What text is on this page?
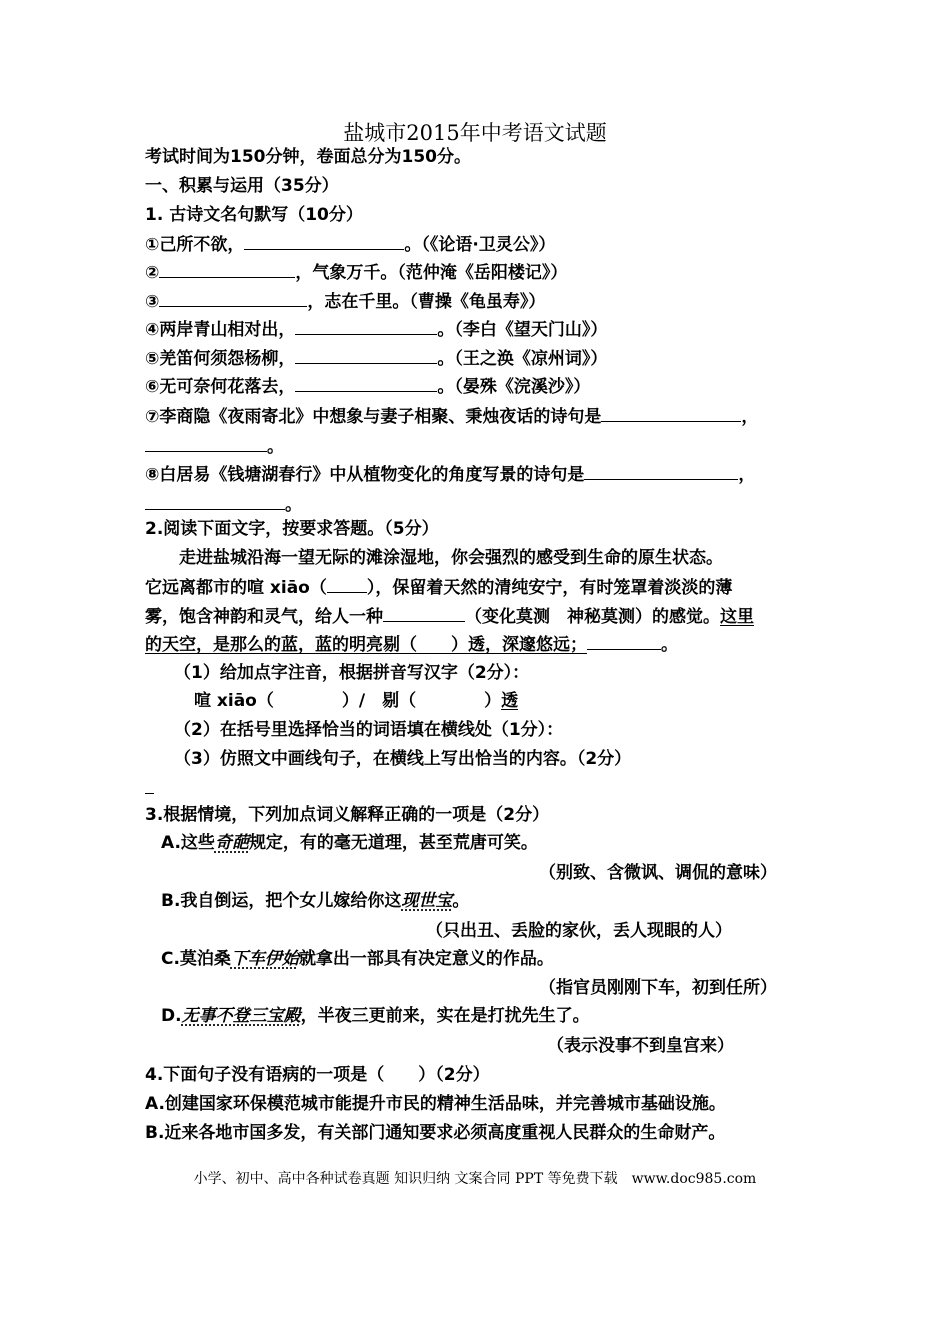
盐城市2015年中考语文试题
考试时间为150分钟，卷面总分为150分。
一、积累与运用（35分）
1. 古诗文名句默写（10分）
①己所不欲，	。（《论语·卫灵公》）
②	，气象万千。（范仲淹《岳阳楼记》）
③	，志在千里。（曹操《龟虽寿》）
④两岸青山相对出，	。（李白《望天门山》）
⑤羌笛何须怨杨柳，	。（王之涣《凉州词》）
⑥无可奈何花落去，	。（晏殊《浣溪沙》）
⑦李商隐《夜雨寄北》中想象与妻子相聚、秉烛夜话的诗句是	，
。
⑧白居易《钱塘湖春行》中从植物变化的角度写景的诗句是	，
。
2.阅读下面文字，按要求答题。（5分）
走进盐城沿海一望无际的滩涂湿地，你会强烈的感受到生命的原生状态。
它远离都市的喧 xiāo（ ），保留着天然的清纯安宁，有时笼罩着淡淡的薄
雾，饱含神韵和灵气，给人一种	（变化莫测　神秘莫测）的感觉。这里
的天空，是那么的蓝，蓝的明亮剔（　　）透，深邃悠远；	。
（1）给加点字注音，根据拼音写汉字（2分）：
喧 xiāo（　　　　）/　剔（　　　　）透
（2）在括号里选择恰当的词语填在横线处（1分）：
（3）仿照文中画线句子，在横线上写出恰当的内容。（2分）
3.根据情境，下列加点词义解释正确的一项是（2分）
A.这些奇葩规定，有的毫无道理，甚至荒唐可笑。
（别致、含微讽、调侃的意味）
B.我自倒运，把个女儿嫁给你这现世宝。
（只出丑、丢脸的家伙，丢人现眼的人）
C.莫泊桑下车伊始就拿出一部具有决定意义的作品。
（指官员刚刚下车，初到任所）
D.无事不登三宝殿，半夜三更前来，实在是打扰先生了。
（表示没事不到皇宫来）
4.下面句子没有语病的一项是（　　）（2分）
A.创建国家环保模范城市能提升市民的精神生活品味，并完善城市基础设施。
B.近来各地市国多发，有关部门通知要求必须高度重视人民群众的生命财产。
小学、初中、高中各种试卷真题 知识归纳 文案合同 PPT 等免费下载　www.doc985.com
